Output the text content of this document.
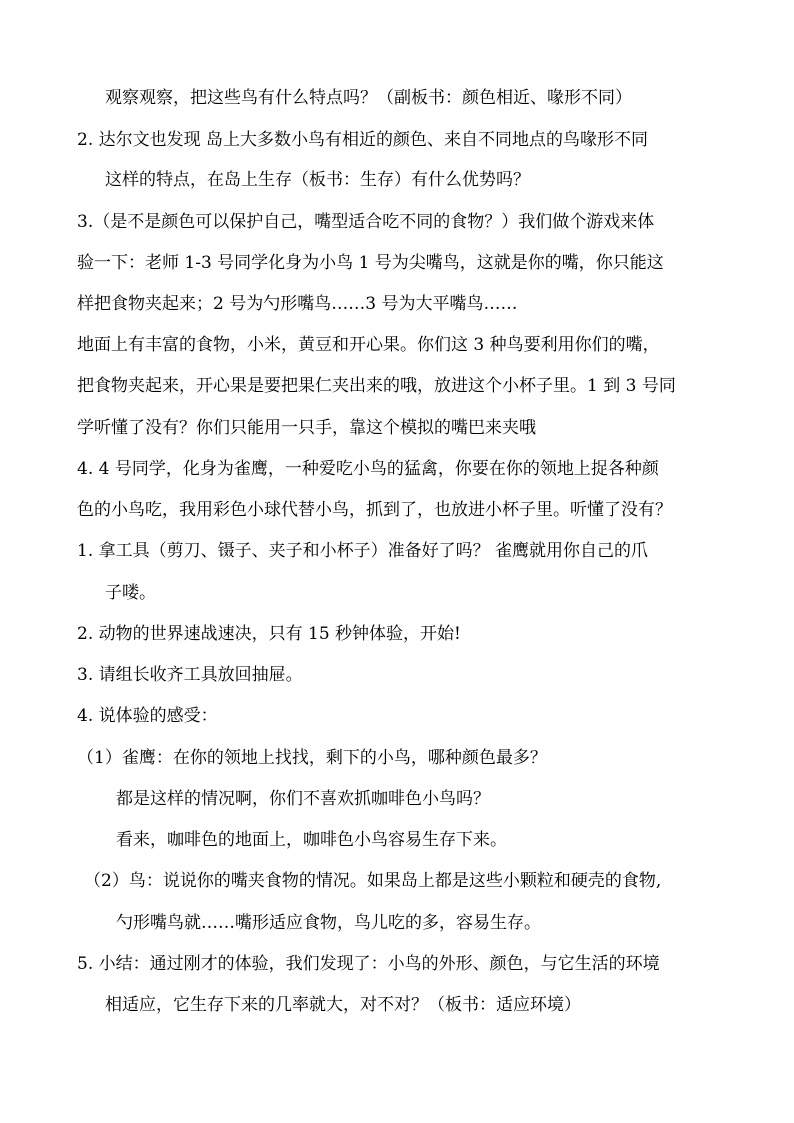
观察观察，把这些鸟有什么特点吗？（副板书：颜色相近、喙形不同）
2. 达尔文也发现 岛上大多数小鸟有相近的颜色、来自不同地点的鸟喙形不同
这样的特点，在岛上生存（板书：生存）有什么优势吗？
3.（是不是颜色可以保护自己，嘴型适合吃不同的食物？）我们做个游戏来体
验一下：老师 1-3 号同学化身为小鸟 1 号为尖嘴鸟，这就是你的嘴，你只能这
样把食物夹起来；2 号为勺形嘴鸟……3 号为大平嘴鸟……
地面上有丰富的食物，小米，黄豆和开心果。你们这 3 种鸟要利用你们的嘴，
把食物夹起来，开心果是要把果仁夹出来的哦，放进这个小杯子里。1 到 3 号同
学听懂了没有？你们只能用一只手，靠这个模拟的嘴巴来夹哦
4. 4 号同学，化身为雀鹰，一种爱吃小鸟的猛禽，你要在你的领地上捉各种颜
色的小鸟吃，我用彩色小球代替小鸟，抓到了，也放进小杯子里。听懂了没有？
1. 拿工具（剪刀、镊子、夹子和小杯子）准备好了吗？ 雀鹰就用你自己的爪
子喽。
2. 动物的世界速战速决，只有 15 秒钟体验，开始!
3. 请组长收齐工具放回抽屉。
4. 说体验的感受：
（1）雀鹰：在你的领地上找找，剩下的小鸟，哪种颜色最多？
都是这样的情况啊，你们不喜欢抓咖啡色小鸟吗？
看来，咖啡色的地面上，咖啡色小鸟容易生存下来。
（2）鸟：说说你的嘴夹食物的情况。如果岛上都是这些小颗粒和硬壳的食物,
勺形嘴鸟就……嘴形适应食物，鸟儿吃的多，容易生存。
5. 小结：通过刚才的体验，我们发现了：小鸟的外形、颜色，与它生活的环境
相适应，它生存下来的几率就大，对不对？（板书：适应环境）
